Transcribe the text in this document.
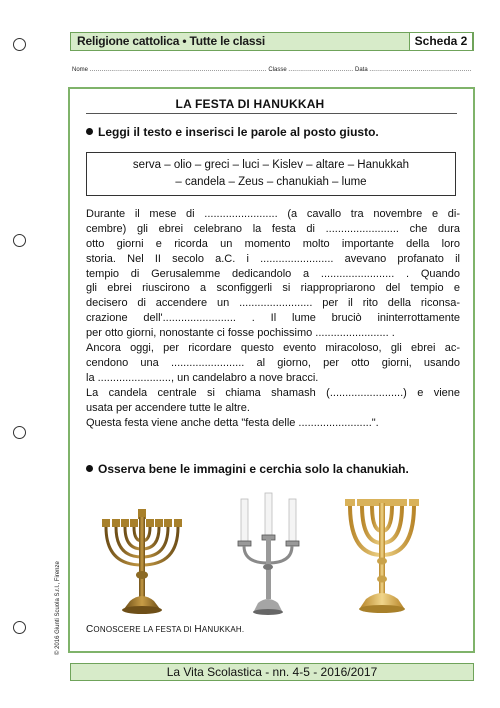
Religione cattolica • Tutte le classi	Scheda 2
Nome .......................................................................................... Classe ................................. Data ....................................................
LA FESTA DI HANUKKAH
Leggi il testo e inserisci le parole al posto giusto.
serva – olio – greci – luci – Kislev – altare – Hanukkah
– candela – Zeus – chanukiah – lume
Durante il mese di ........................ (a cavallo tra novembre e di-
cembre) gli ebrei celebrano la festa di ........................ che dura
otto giorni e ricorda un momento molto importante della loro
storia. Nel II secolo a.C. i ........................ avevano profanato il
tempio di Gerusalemme dedicandolo a ........................ . Quando
gli ebrei riuscirono a sconfiggerli si riappropriarono del tempio e
decisero di accendere un ........................ per il rito della riconsa-
crazione dell'........................ . Il lume bruciò ininterrottamente
per otto giorni, nonostante ci fosse pochissimo ........................ .
Ancora oggi, per ricordare questo evento miracoloso, gli ebrei ac-
cendono una ........................ al giorno, per otto giorni, usando
la ........................, un candelabro a nove bracci.
La candela centrale si chiama shamash (........................) e viene
usata per accendere tutte le altre.
Questa festa viene anche detta "festa delle ........................".
Osserva bene le immagini e cerchia solo la chanukiah.
CONOSCERE LA FESTA DI HANUKKAH.
© 2016 Giunti Scuola S.r.l., Firenze
La Vita Scolastica - nn. 4-5 - 2016/2017
